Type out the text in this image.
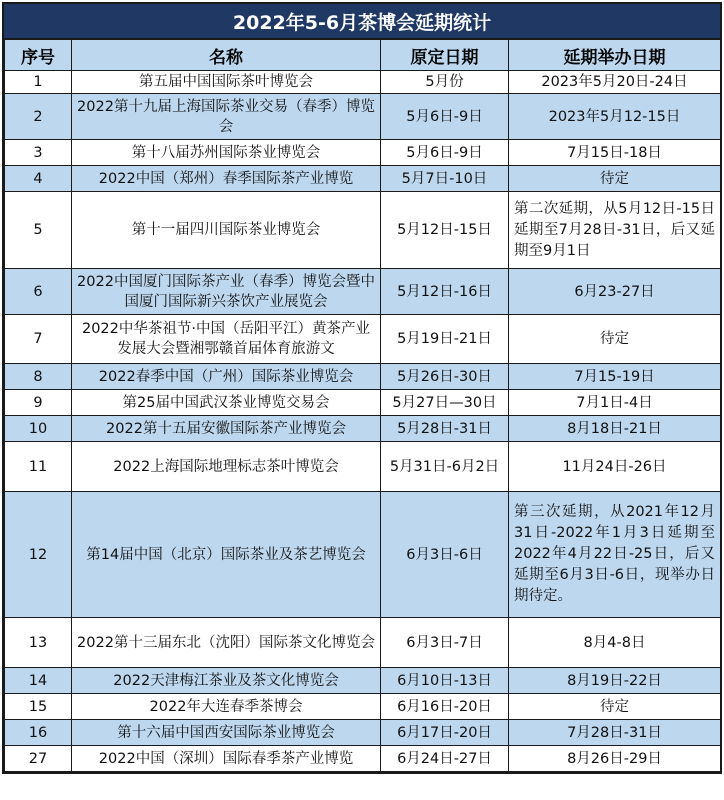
2022年5-6月茶博会延期统计
序号	名称	原定日期	延期举办日期
1	第五届中国国际茶叶博览会	5月份	2023年5月20日-24日
2	2022第十九届上海国际茶业交易（春季）博览会	5月6日-9日	2023年5月12-15日
3	第十八届苏州国际茶业博览会	5月6日-9日	7月15日-18日
4	2022中国（郑州）春季国际茶产业博览	5月7日-10日	待定
5	第十一届四川国际茶业博览会	5月12日-15日	第二次延期，从5月12日-15日延期至7月28日-31日，后又延期至9月1日
6	2022中国厦门国际茶产业（春季）博览会暨中国厦门国际新兴茶饮产业展览会	5月12日-16日	6月23-27日
7	2022中华茶祖节·中国（岳阳平江）黄茶产业发展大会暨湘鄂赣首届体育旅游文	5月19日-21日	待定
8	2022春季中国（广州）国际茶业博览会	5月26日-30日	7月15-19日
9	第25届中国武汉茶业博览交易会	5月27日—30日	7月1日-4日
10	2022第十五届安徽国际茶产业博览会	5月28日-31日	8月18日-21日
11	2022上海国际地理标志茶叶博览会	5月31日-6月2日	11月24日-26日
12	第14届中国（北京）国际茶业及茶艺博览会	6月3日-6日	第三次延期，从2021年12月31日-2022年1月3日延期至2022年4月22日-25日，后又延期至6月3日-6日，现举办日期待定。
13	2022第十三届东北（沈阳）国际茶文化博览会	6月3日-7日	8月4-8日
14	2022天津梅江茶业及茶文化博览会	6月10日-13日	8月19日-22日
15	2022年大连春季茶博会	6月16日-20日	待定
16	第十六届中国西安国际茶业博览会	6月17日-20日	7月28日-31日
27	2022中国（深圳）国际春季茶产业博览	6月24日-27日	8月26日-29日
